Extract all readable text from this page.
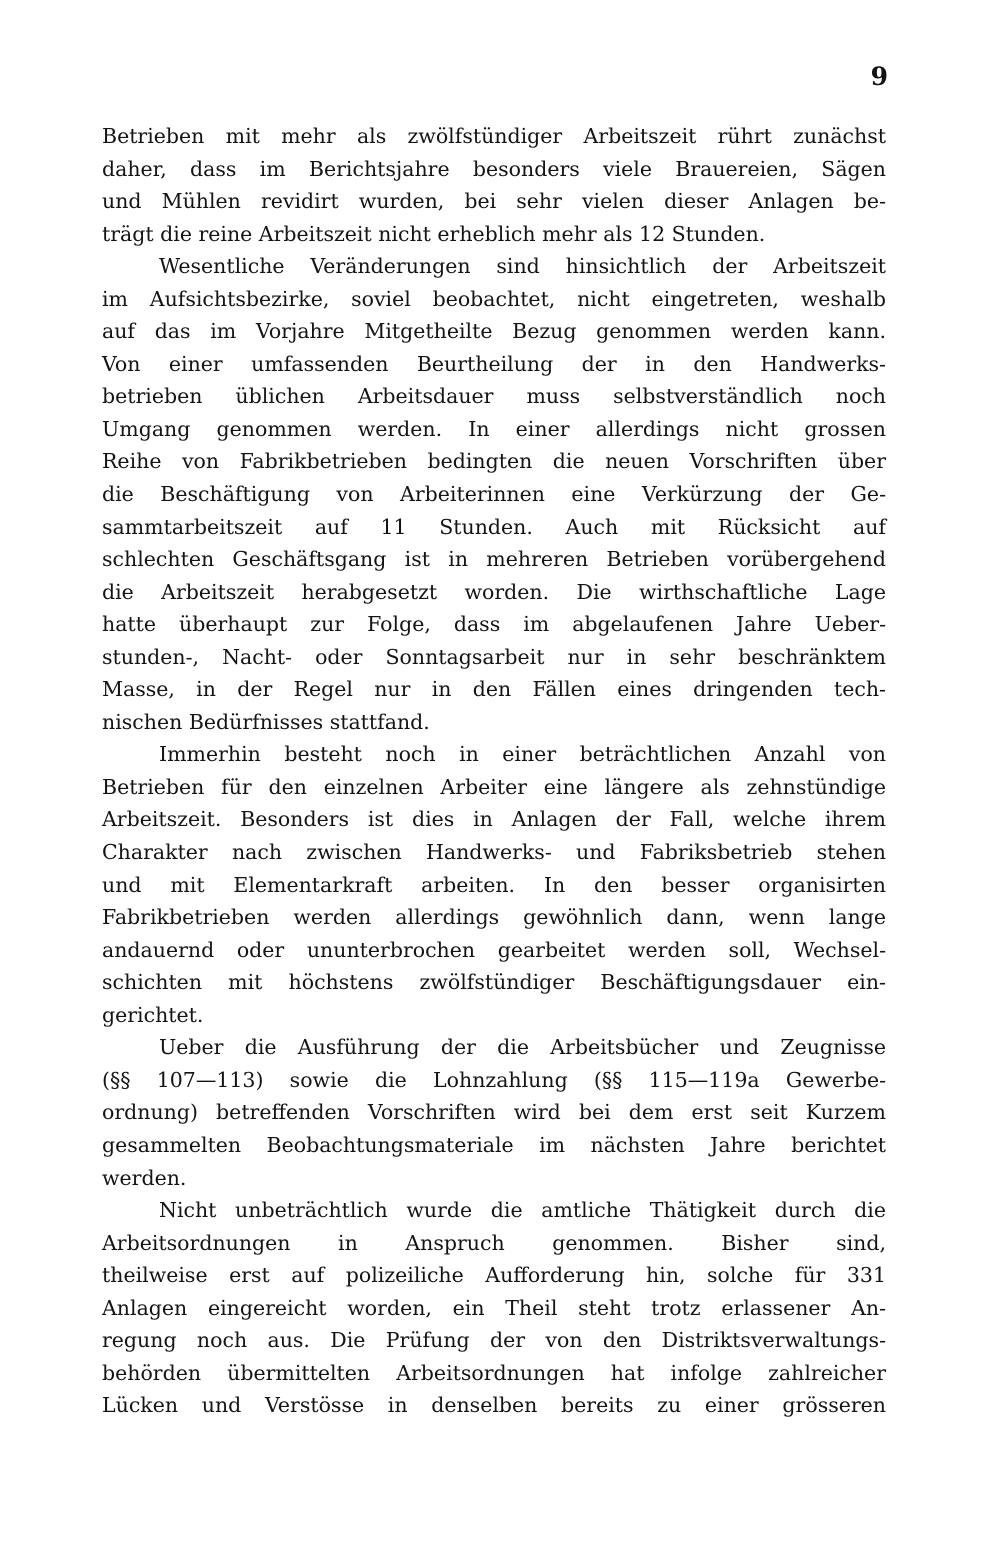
9
Betrieben mit mehr als zwölfstündiger Arbeitszeit rührt zunächst
daher, dass im Berichtsjahre besonders viele Brauereien, Sägen
und Mühlen revidirt wurden, bei sehr vielen dieser Anlagen be-
trägt die reine Arbeitszeit nicht erheblich mehr als 12 Stunden.
Wesentliche Veränderungen sind hinsichtlich der Arbeitszeit
im Aufsichtsbezirke, soviel beobachtet, nicht eingetreten, weshalb
auf das im Vorjahre Mitgetheilte Bezug genommen werden kann.
Von einer umfassenden Beurtheilung der in den Handwerks-
betrieben üblichen Arbeitsdauer muss selbstverständlich noch
Umgang genommen werden. In einer allerdings nicht grossen
Reihe von Fabrikbetrieben bedingten die neuen Vorschriften über
die Beschäftigung von Arbeiterinnen eine Verkürzung der Ge-
sammtarbeitszeit auf 11 Stunden. Auch mit Rücksicht auf
schlechten Geschäftsgang ist in mehreren Betrieben vorübergehend
die Arbeitszeit herabgesetzt worden. Die wirthschaftliche Lage
hatte überhaupt zur Folge, dass im abgelaufenen Jahre Ueber-
stunden-, Nacht- oder Sonntagsarbeit nur in sehr beschränktem
Masse, in der Regel nur in den Fällen eines dringenden tech-
nischen Bedürfnisses stattfand.
Immerhin besteht noch in einer beträchtlichen Anzahl von
Betrieben für den einzelnen Arbeiter eine längere als zehnstündige
Arbeitszeit. Besonders ist dies in Anlagen der Fall, welche ihrem
Charakter nach zwischen Handwerks- und Fabriksbetrieb stehen
und mit Elementarkraft arbeiten. In den besser organisirten
Fabrikbetrieben werden allerdings gewöhnlich dann, wenn lange
andauernd oder ununterbrochen gearbeitet werden soll, Wechsel-
schichten mit höchstens zwölfstündiger Beschäftigungsdauer ein-
gerichtet.
Ueber die Ausführung der die Arbeitsbücher und Zeugnisse
(§§ 107—113) sowie die Lohnzahlung (§§ 115—119a Gewerbe-
ordnung) betreffenden Vorschriften wird bei dem erst seit Kurzem
gesammelten Beobachtungsmateriale im nächsten Jahre berichtet
werden.
Nicht unbeträchtlich wurde die amtliche Thätigkeit durch die
Arbeitsordnungen in Anspruch genommen. Bisher sind,
theilweise erst auf polizeiliche Aufforderung hin, solche für 331
Anlagen eingereicht worden, ein Theil steht trotz erlassener An-
regung noch aus. Die Prüfung der von den Distriktsverwaltungs-
behörden übermittelten Arbeitsordnungen hat infolge zahlreicher
Lücken und Verstösse in denselben bereits zu einer grösseren
